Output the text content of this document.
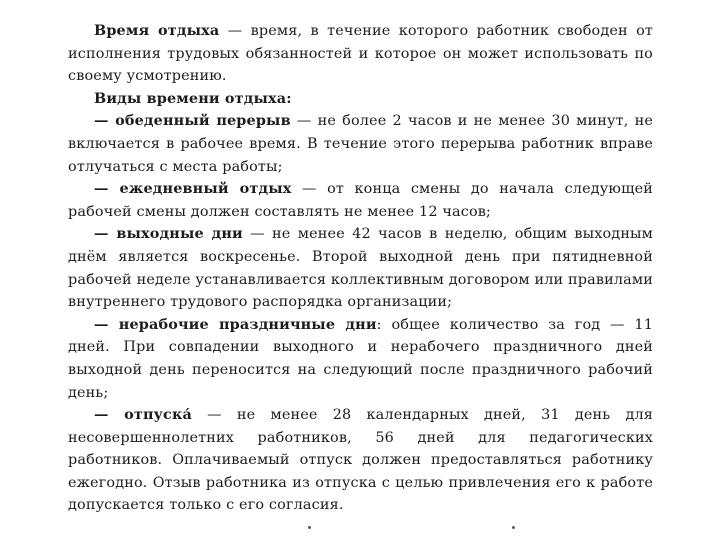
Время отдыха — время, в течение которого работник свободен от исполнения трудовых обязанностей и которое он может использовать по своему усмотрению.

Виды времени отдыха:

— обеденный перерыв — не более 2 часов и не менее 30 минут, не включается в рабочее время. В течение этого перерыва работник вправе отлучаться с места работы;

— ежедневный отдых — от конца смены до начала следующей рабочей смены должен составлять не менее 12 часов;

— выходные дни — не менее 42 часов в неделю, общим выходным днём является воскресенье. Второй выходной день при пятидневной рабочей неделе устанавливается коллективным договором или правилами внутреннего трудового распорядка организации;

— нерабочие праздничные дни: общее количество за год — 11 дней. При совпадении выходного и нерабочего праздничного дней выходной день переносится на следующий после праздничного рабочий день;

— отпуска́ — не менее 28 календарных дней, 31 день для несовершеннолетних работников, 56 дней для педагогических работников. Оплачиваемый отпуск должен предоставляться работнику ежегодно. Отзыв работника из отпуска с целью привлечения его к работе допускается только с его согласия.
